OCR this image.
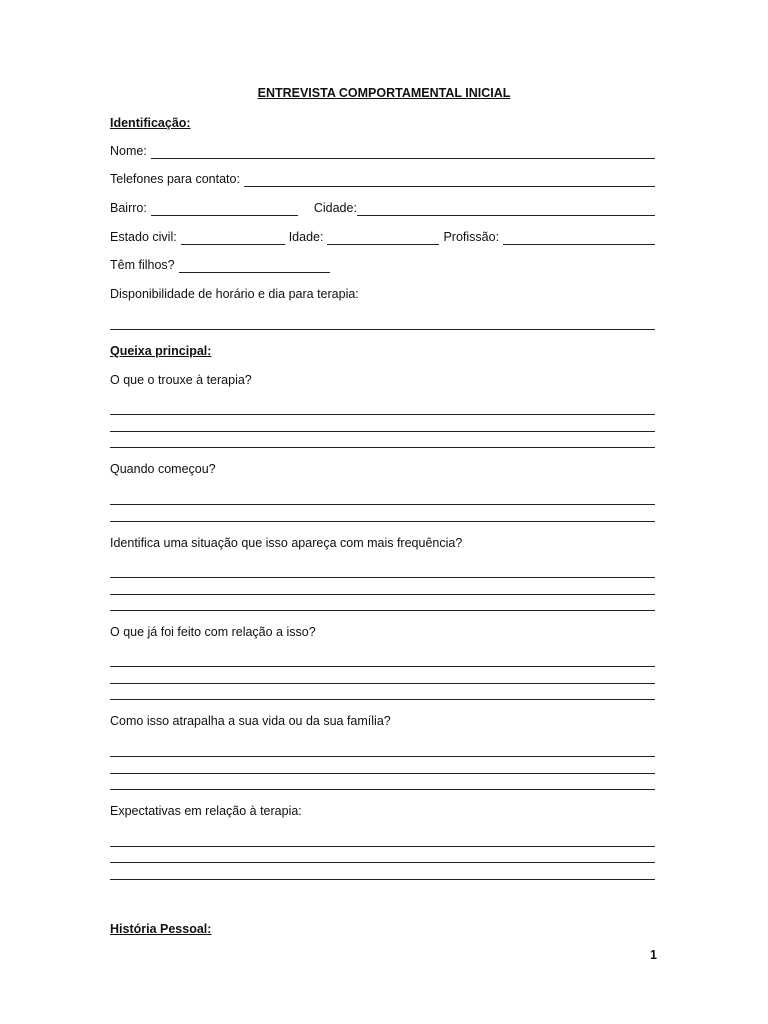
ENTREVISTA COMPORTAMENTAL INICIAL
Identificação:
Nome:
Telefones para contato:
Bairro:	Cidade:
Estado civil:	Idade:	Profissão:
Têm filhos?
Disponibilidade de horário e dia para terapia:
Queixa principal:
O que o trouxe à terapia?
Quando começou?
Identifica uma situação que isso apareça com mais frequência?
O que já foi feito com relação a isso?
Como isso atrapalha a sua vida ou da sua família?
Expectativas em relação à terapia:
História Pessoal:
1
